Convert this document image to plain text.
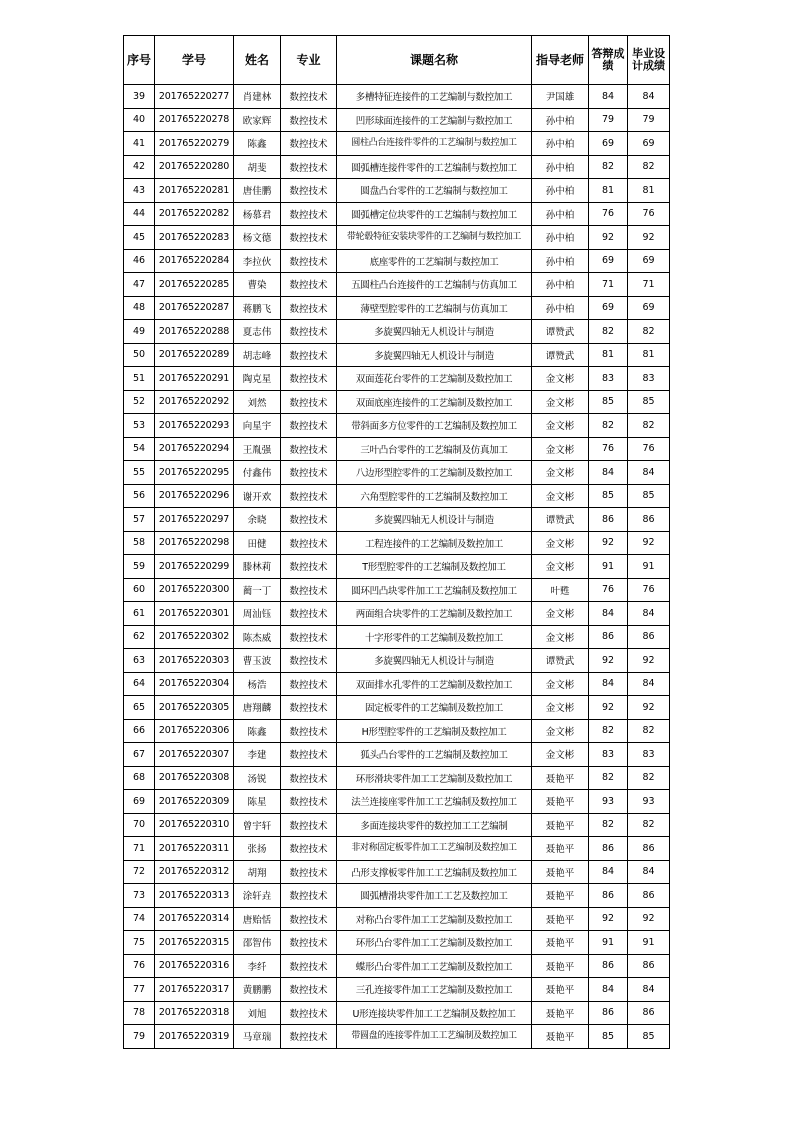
序号	学号	姓名	专业	课题名称	指导老师	答辩成绩	毕业设计成绩
39	201765220277	肖建林	数控技术	多槽特征连接件的工艺编制与数控加工	尹国雄	84	84
40	201765220278	欧家辉	数控技术	凹形球面连接件的工艺编制与数控加工	孙中柏	79	79
41	201765220279	陈鑫	数控技术	圆柱凸台连接件零件的工艺编制与数控加工	孙中柏	69	69
42	201765220280	胡斐	数控技术	圆弧槽连接件零件的工艺编制与数控加工	孙中柏	82	82
43	201765220281	唐佳鹏	数控技术	圆盘凸台零件的工艺编制与数控加工	孙中柏	81	81
44	201765220282	杨慕君	数控技术	圆弧槽定位块零件的工艺编制与数控加工	孙中柏	76	76
45	201765220283	杨文德	数控技术	带轮毂特征安装块零件的工艺编制与数控加工	孙中柏	92	92
46	201765220284	李拉伙	数控技术	底座零件的工艺编制与数控加工	孙中柏	69	69
47	201765220285	曹染	数控技术	五圆柱凸台连接件的工艺编制与仿真加工	孙中柏	71	71
48	201765220287	蒋鹏飞	数控技术	薄壁型腔零件的工艺编制与仿真加工	孙中柏	69	69
49	201765220288	夏志伟	数控技术	多旋翼四轴无人机设计与制造	谭赞武	82	82
50	201765220289	胡志峰	数控技术	多旋翼四轴无人机设计与制造	谭赞武	81	81
51	201765220291	陶克星	数控技术	双面莲花台零件的工艺编制及数控加工	金文彬	83	83
52	201765220292	刘然	数控技术	双面底座连接件的工艺编制及数控加工	金文彬	85	85
53	201765220293	向星宇	数控技术	带斜面多方位零件的工艺编制及数控加工	金文彬	82	82
54	201765220294	王胤强	数控技术	三叶凸台零件的工艺编制及仿真加工	金文彬	76	76
55	201765220295	付鑫伟	数控技术	八边形型腔零件的工艺编制及数控加工	金文彬	84	84
56	201765220296	谢开欢	数控技术	六角型腔零件的工艺编制及数控加工	金文彬	85	85
57	201765220297	余晓	数控技术	多旋翼四轴无人机设计与制造	谭赞武	86	86
58	201765220298	田健	数控技术	工程连接件的工艺编制及数控加工	金文彬	92	92
59	201765220299	滕林莉	数控技术	T形型腔零件的工艺编制及数控加工	金文彬	91	91
60	201765220300	蔺一丁	数控技术	圆环凹凸块零件加工工艺编制及数控加工	叶甦	76	76
61	201765220301	周汕钰	数控技术	两面组合块零件的工艺编制及数控加工	金文彬	84	84
62	201765220302	陈杰威	数控技术	十字形零件的工艺编制及数控加工	金文彬	86	86
63	201765220303	曹玉波	数控技术	多旋翼四轴无人机设计与制造	谭赞武	92	92
64	201765220304	杨浩	数控技术	双面排水孔零件的工艺编制及数控加工	金文彬	84	84
65	201765220305	唐翔麟	数控技术	固定板零件的工艺编制及数控加工	金文彬	92	92
66	201765220306	陈鑫	数控技术	H形型腔零件的工艺编制及数控加工	金文彬	82	82
67	201765220307	李建	数控技术	狐头凸台零件的工艺编制及数控加工	金文彬	83	83
68	201765220308	汤锐	数控技术	环形滑块零件加工工艺编制及数控加工	聂艳平	82	82
69	201765220309	陈星	数控技术	法兰连接座零件加工工艺编制及数控加工	聂艳平	93	93
70	201765220310	曾宇轩	数控技术	多面连接块零件的数控加工工艺编制	聂艳平	82	82
71	201765220311	张扬	数控技术	非对称固定板零件加工工艺编制及数控加工	聂艳平	86	86
72	201765220312	胡翔	数控技术	凸形支撑板零件加工工艺编制及数控加工	聂艳平	84	84
73	201765220313	涂轩垚	数控技术	圆弧槽滑块零件加工工艺及数控加工	聂艳平	86	86
74	201765220314	唐贻恬	数控技术	对称凸台零件加工工艺编制及数控加工	聂艳平	92	92
75	201765220315	邵智伟	数控技术	环形凸台零件加工工艺编制及数控加工	聂艳平	91	91
76	201765220316	李纤	数控技术	蝶形凸台零件加工工艺编制及数控加工	聂艳平	86	86
77	201765220317	黄鹏鹏	数控技术	三孔连接零件加工工艺编制及数控加工	聂艳平	84	84
78	201765220318	刘旭	数控技术	U形连接块零件加工工艺编制及数控加工	聂艳平	86	86
79	201765220319	马章瑞	数控技术	带圆盘的连接零件加工工艺编制及数控加工	聂艳平	85	85
